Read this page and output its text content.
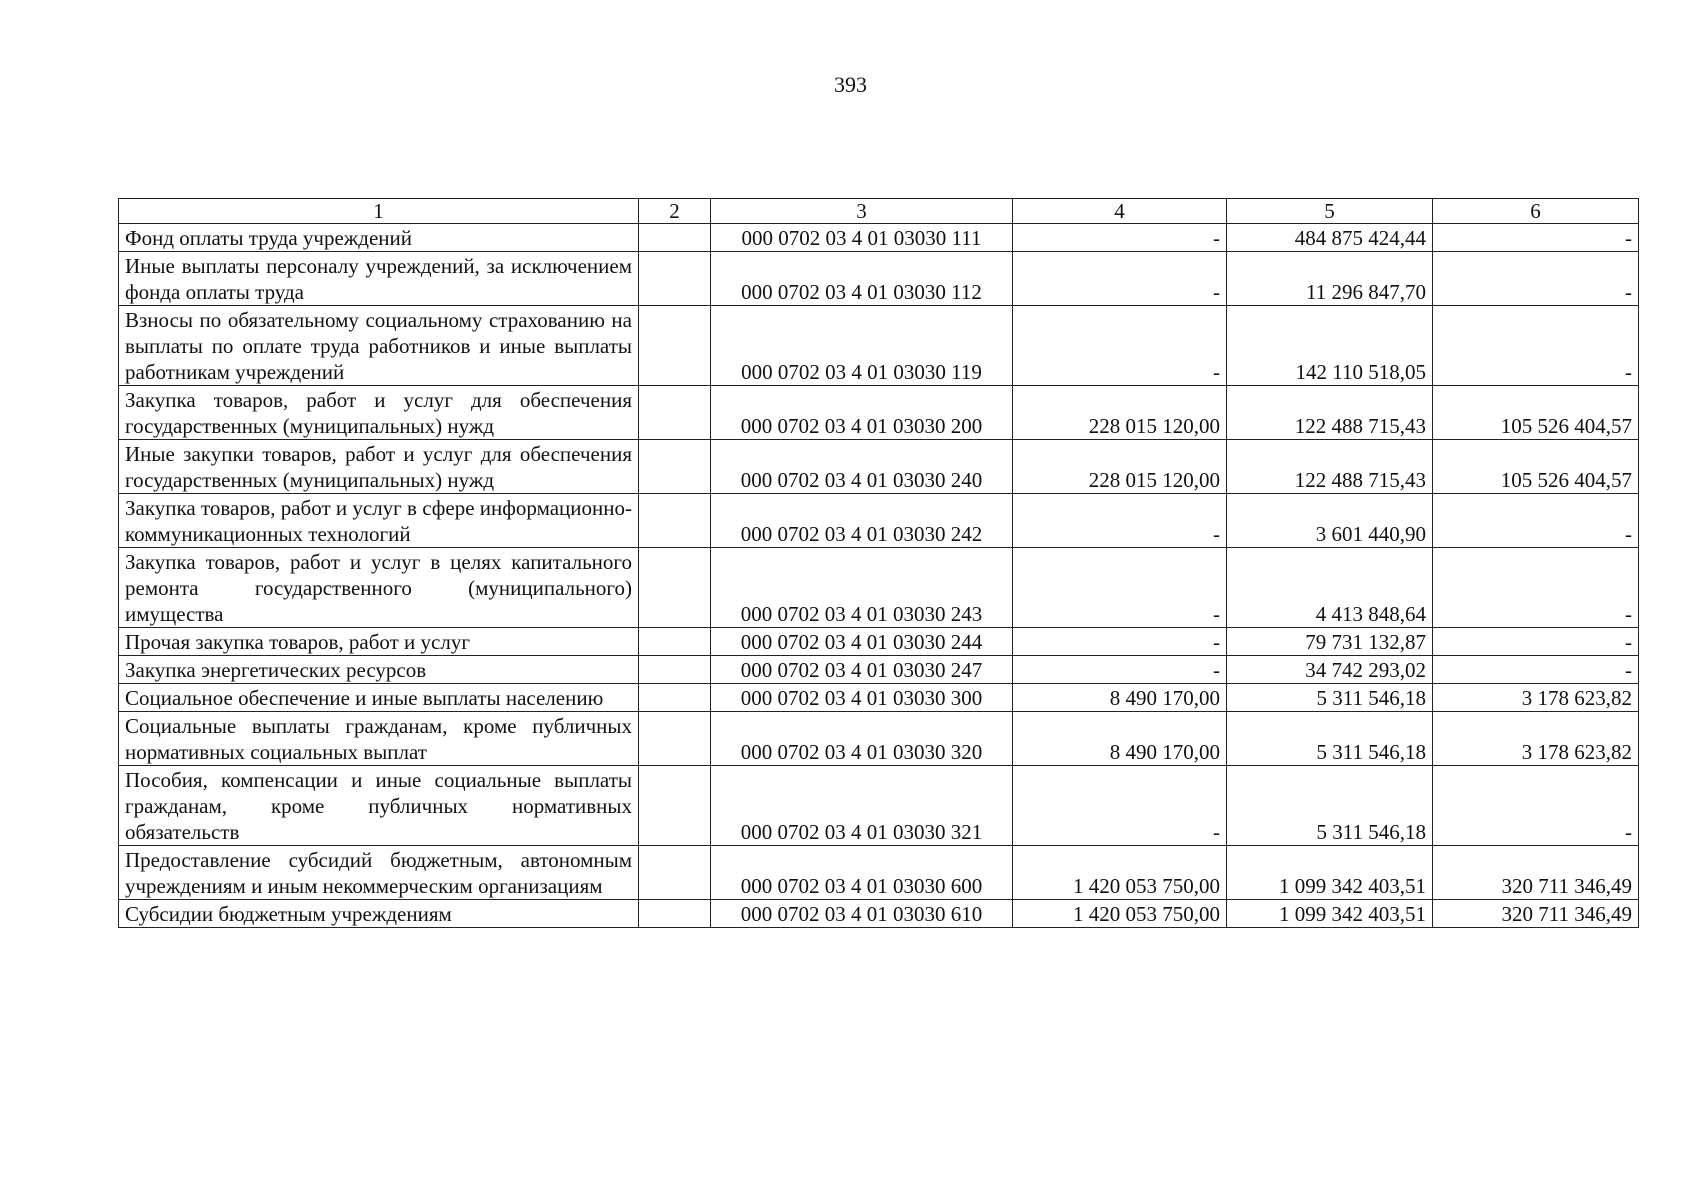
393
1	2	3	4	5	6
Фонд оплаты труда учреждений		000 0702 03 4 01 03030 111	-	484 875 424,44	-
Иные выплаты персоналу учреждений, за исключением фонда оплаты труда		000 0702 03 4 01 03030 112	-	11 296 847,70	-
Взносы по обязательному социальному страхованию на выплаты по оплате труда работников и иные выплаты работникам учреждений		000 0702 03 4 01 03030 119	-	142 110 518,05	-
Закупка товаров, работ и услуг для обеспечения государственных (муниципальных) нужд		000 0702 03 4 01 03030 200	228 015 120,00	122 488 715,43	105 526 404,57
Иные закупки товаров, работ и услуг для обеспечения государственных (муниципальных) нужд		000 0702 03 4 01 03030 240	228 015 120,00	122 488 715,43	105 526 404,57
Закупка товаров, работ и услуг в сфере информационно-коммуникационных технологий		000 0702 03 4 01 03030 242	-	3 601 440,90	-
Закупка товаров, работ и услуг в целях капитального ремонта государственного (муниципального) имущества		000 0702 03 4 01 03030 243	-	4 413 848,64	-
Прочая закупка товаров, работ и услуг		000 0702 03 4 01 03030 244	-	79 731 132,87	-
Закупка энергетических ресурсов		000 0702 03 4 01 03030 247	-	34 742 293,02	-
Социальное обеспечение и иные выплаты населению		000 0702 03 4 01 03030 300	8 490 170,00	5 311 546,18	3 178 623,82
Социальные выплаты гражданам, кроме публичных нормативных социальных выплат		000 0702 03 4 01 03030 320	8 490 170,00	5 311 546,18	3 178 623,82
Пособия, компенсации и иные социальные выплаты гражданам, кроме публичных нормативных обязательств		000 0702 03 4 01 03030 321	-	5 311 546,18	-
Предоставление субсидий бюджетным, автономным учреждениям и иным некоммерческим организациям		000 0702 03 4 01 03030 600	1 420 053 750,00	1 099 342 403,51	320 711 346,49
Субсидии бюджетным учреждениям		000 0702 03 4 01 03030 610	1 420 053 750,00	1 099 342 403,51	320 711 346,49
